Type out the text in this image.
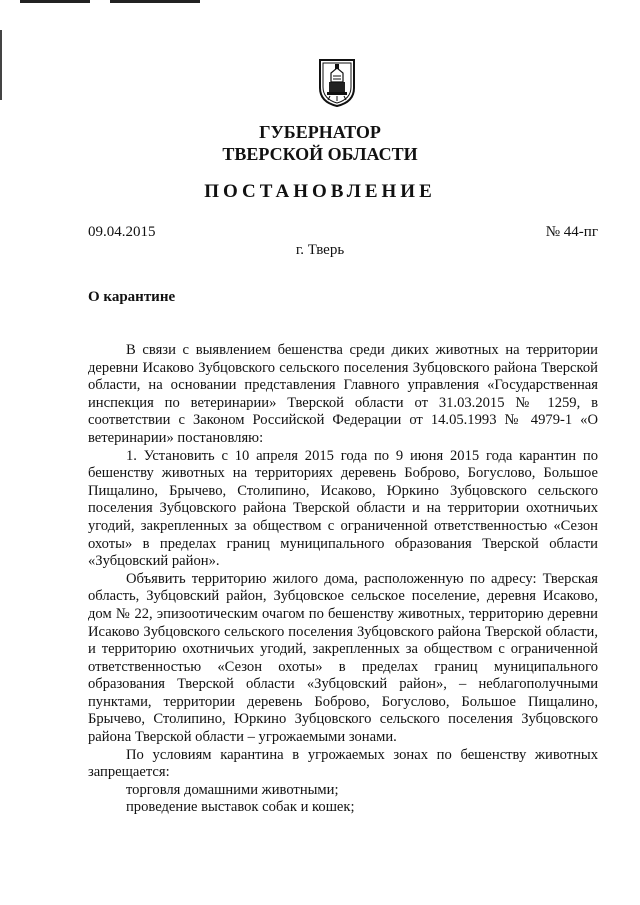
ГУБЕРНАТОР
ТВЕРСКОЙ ОБЛАСТИ
ПОСТАНОВЛЕНИЕ
09.04.2015	№ 44-пг
г. Тверь
О карантине

В связи с выявлением бешенства среди диких животных на территории деревни Исаково Зубцовского сельского поселения Зубцовского района Тверской области, на основании представления Главного управления «Государственная инспекция по ветеринарии» Тверской области от 31.03.2015 № 1259, в соответствии с Законом Российской Федерации от 14.05.1993 № 4979-1 «О ветеринарии» постановляю:

1. Установить с 10 апреля 2015 года по 9 июня 2015 года карантин по бешенству животных на территориях деревень Боброво, Богуслово, Большое Пищалино, Брычево, Столипино, Исаково, Юркино Зубцовского сельского поселения Зубцовского района Тверской области и на территории охотничьих угодий, закрепленных за обществом с ограниченной ответственностью «Сезон охоты» в пределах границ муниципального образования Тверской области «Зубцовский район».

Объявить территорию жилого дома, расположенную по адресу: Тверская область, Зубцовский район, Зубцовское сельское поселение, деревня Исаково, дом № 22, эпизоотическим очагом по бешенству животных, территорию деревни Исаково Зубцовского сельского поселения Зубцовского района Тверской области, и территорию охотничьих угодий, закрепленных за обществом с ограниченной ответственностью «Сезон охоты» в пределах границ муниципального образования Тверской области «Зубцовский район», – неблагополучными пунктами, территории деревень Боброво, Богуслово, Большое Пищалино, Брычево, Столипино, Юркино Зубцовского сельского поселения Зубцовского района Тверской области – угрожаемыми зонами.

По условиям карантина в угрожаемых зонах по бешенству животных запрещается:

торговля домашними животными;

проведение выставок собак и кошек;
